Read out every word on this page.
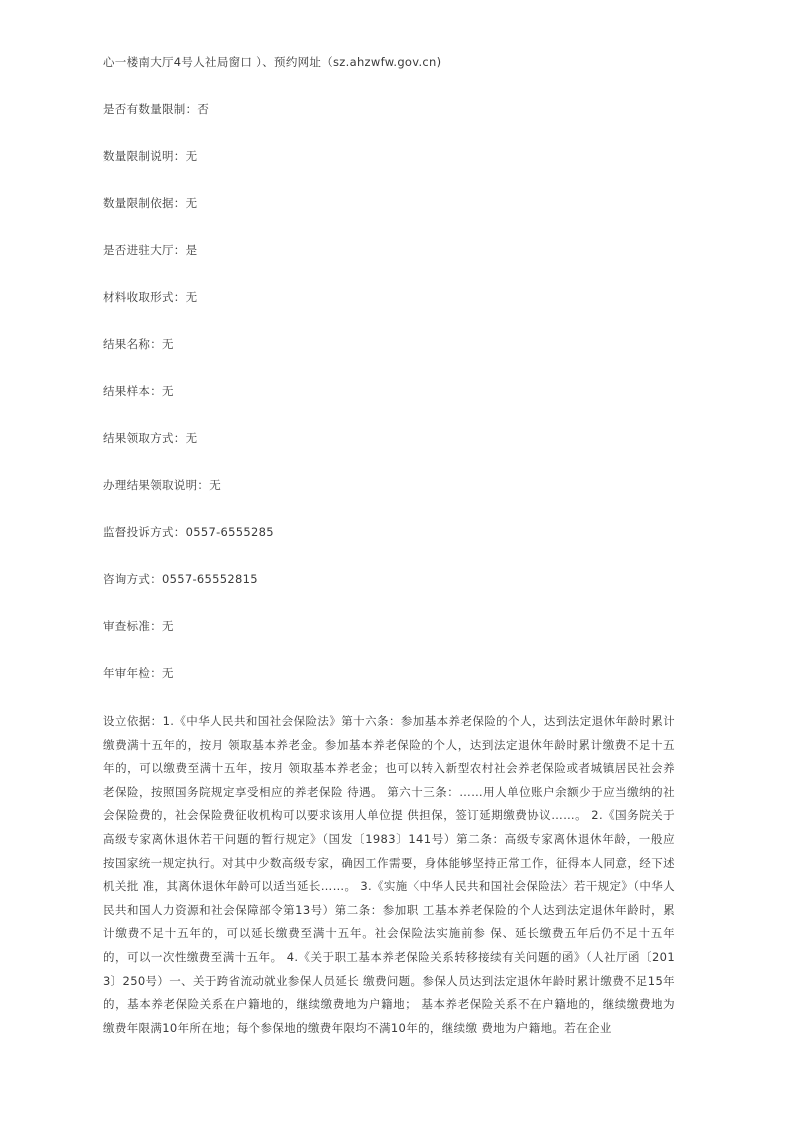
心一楼南大厅4号人社局窗口 ）、预约网址（sz.ahzwfw.gov.cn)
是否有数量限制：否
数量限制说明：无
数量限制依据：无
是否进驻大厅：是
材料收取形式：无
结果名称：无
结果样本：无
结果领取方式：无
办理结果领取说明：无
监督投诉方式：0557-6555285
咨询方式：0557-65552815
审查标准：无
年审年检：无
设立依据：1.《中华人民共和国社会保险法》第十六条：参加基本养老保险的个人，达到法定退休年龄时累计缴费满十五年的，按月 领取基本养老金。参加基本养老保险的个人，达到法定退休年龄时累计缴费不足十五年的，可以缴费至满十五年，按月 领取基本养老金；也可以转入新型农村社会养老保险或者城镇居民社会养老保险，按照国务院规定享受相应的养老保险 待遇。 第六十三条：……用人单位账户余额少于应当缴纳的社会保险费的，社会保险费征收机构可以要求该用人单位提 供担保，签订延期缴费协议……。 2.《国务院关于高级专家离休退休若干问题的暂行规定》（国发〔1983〕141号）第二条：高级专家离休退休年龄，一般应 按国家统一规定执行。对其中少数高级专家，确因工作需要，身体能够坚持正常工作，征得本人同意，经下述机关批 准，其离休退休年龄可以适当延长……。 3.《实施〈中华人民共和国社会保险法〉若干规定》（中华人民共和国人力资源和社会保障部令第13号）第二条：参加职 工基本养老保险的个人达到法定退休年龄时，累计缴费不足十五年的，可以延长缴费至满十五年。社会保险法实施前参 保、延长缴费五年后仍不足十五年的，可以一次性缴费至满十五年。 4.《关于职工基本养老保险关系转移接续有关问题的函》（人社厅函〔2013〕250号）一、关于跨省流动就业参保人员延长 缴费问题。参保人员达到法定退休年龄时累计缴费不足15年的，基本养老保险关系在户籍地的，继续缴费地为户籍地； 基本养老保险关系不在户籍地的，继续缴费地为缴费年限满10年所在地；每个参保地的缴费年限均不满10年的，继续缴 费地为户籍地。若在企业
